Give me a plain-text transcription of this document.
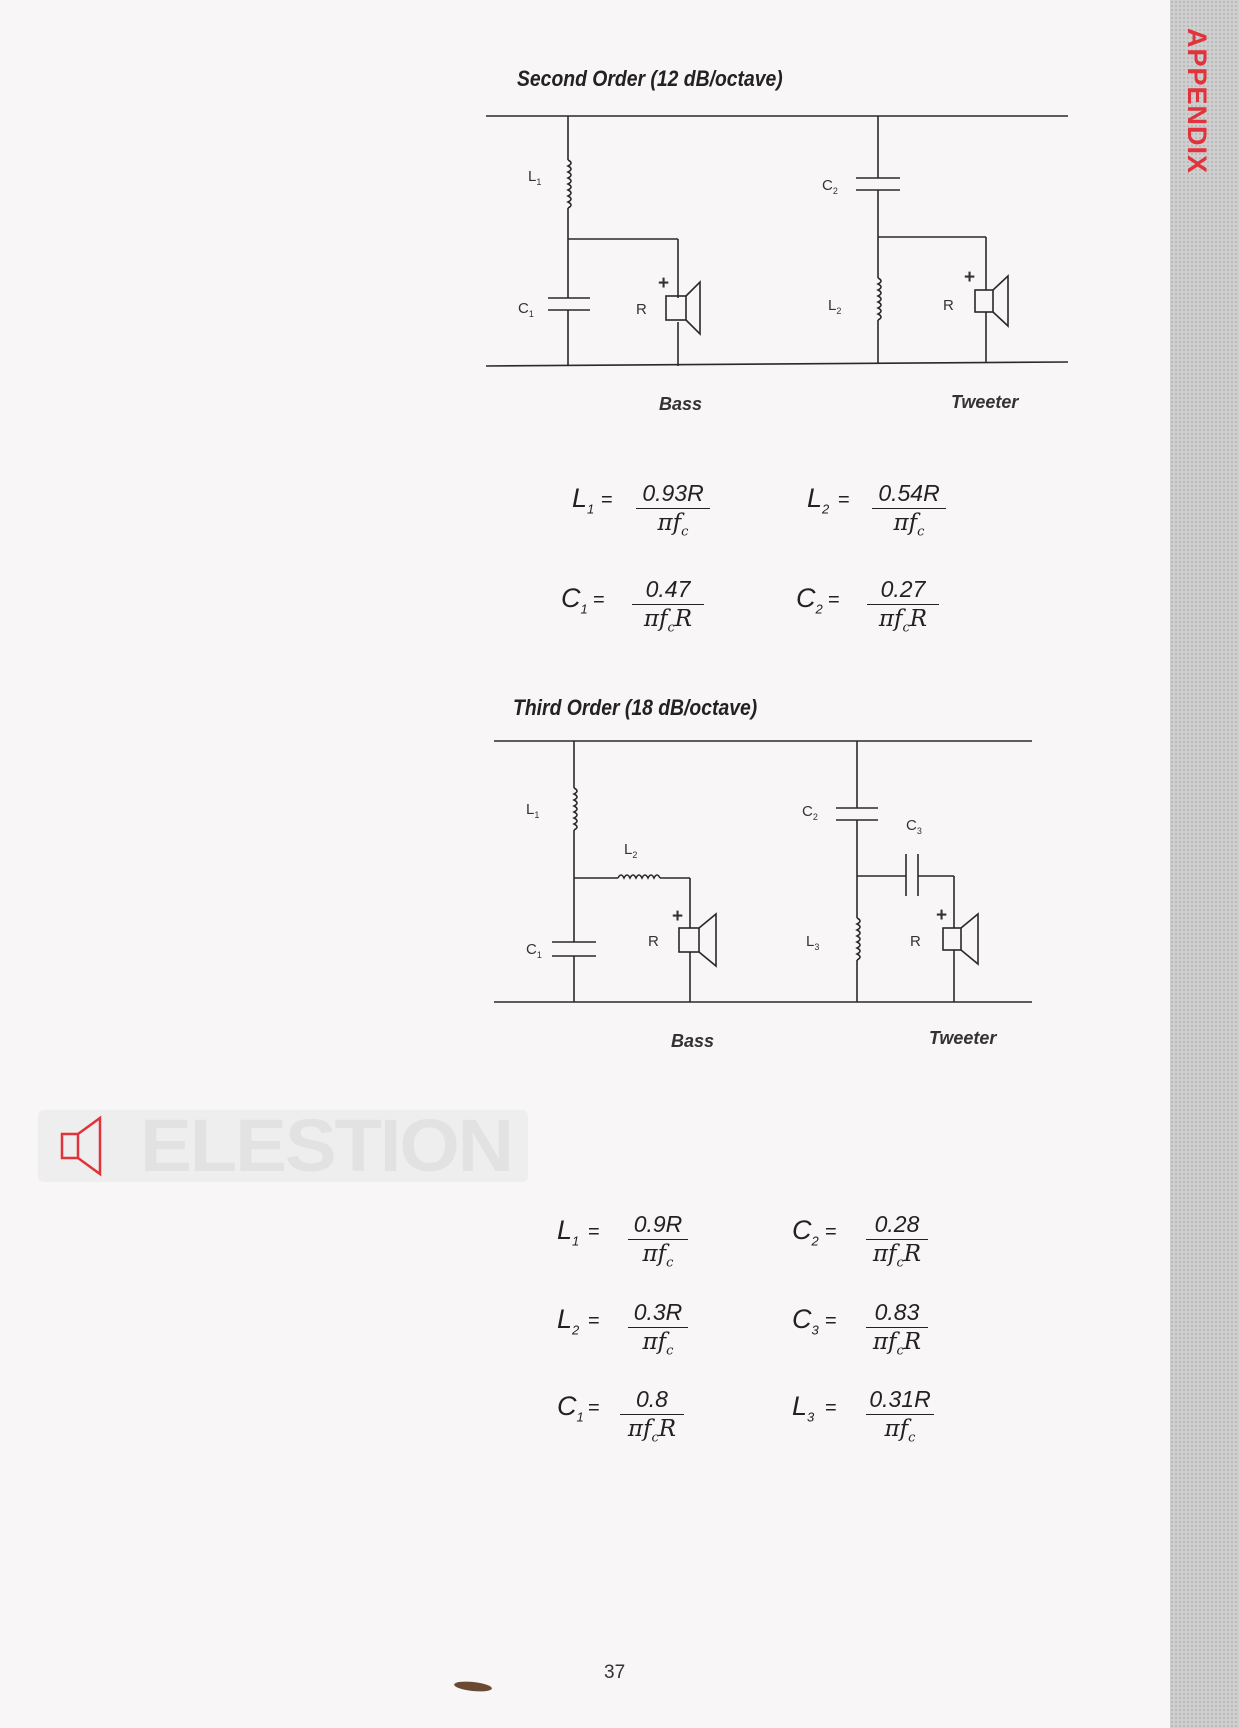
APPENDIX
Second Order (12 dB/octave)
$L_1$
$C_1$	R
+
$C_2$
$L_2$	R
+
Bass	Tweeter
$L_1$
$L_2$
$C_1$
R
+
$C_2$	$C_3$
$L_3$	R
+
Bass	Tweeter
$L_1 = 0.93R$
$\pi f_c$
$L_2 = 0.54R$
$\pi f_c$
$C_1$ =	0.47
$\pi f_cR$
$C_2$ =	0.27
$\pi f_cR$
Third Order (18 dB/octave)
ELESTION
$L_1 = 0.9R$
$\pi f_c$
$C_2$ =	0.28
$\pi f_cR$
$L_2 = 0.3R$
$\pi f_c$
$C_3$ =	0.83
$\pi f_cR$
$C_1$ =	0.8
$\pi f_cR$
$L_3 = 0.31R$
$\pi f_c$
37
